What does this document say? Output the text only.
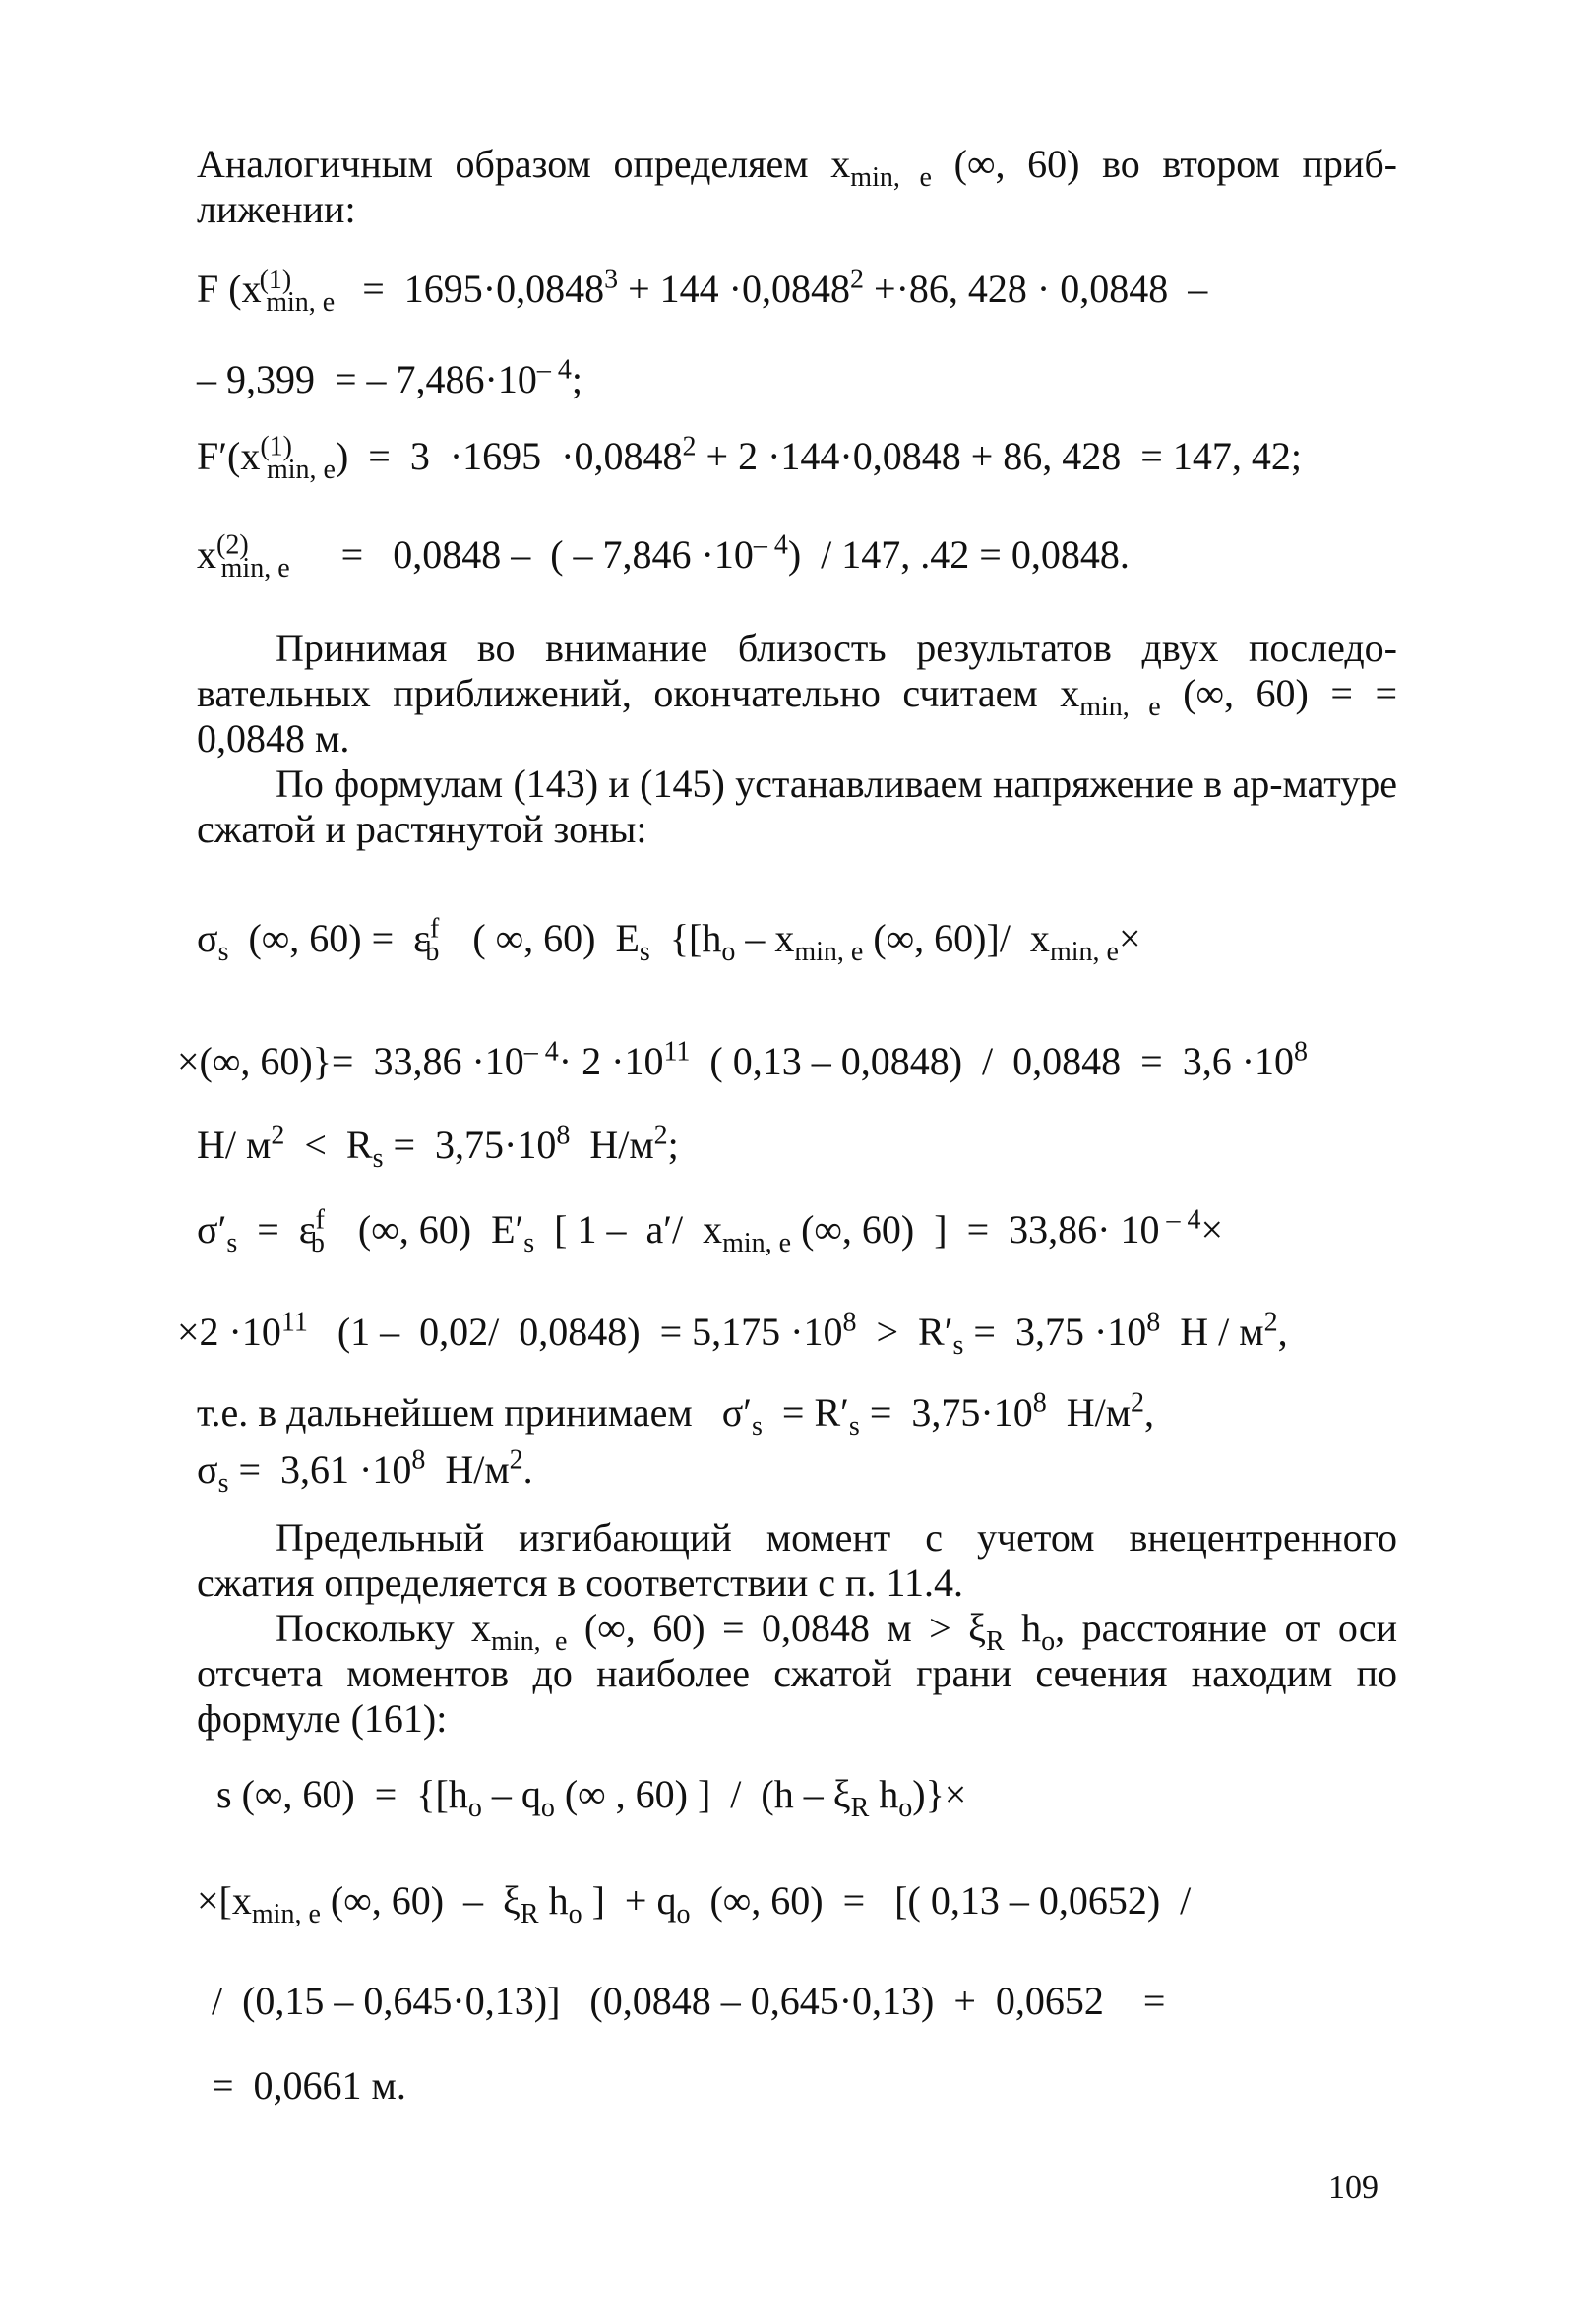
Аналогичным образом определяем $x_{min, e}$ (∞, 60) во втором приб-лижении:

F ($x^{(1)}_{min, e} = 1695\cdot 0,0848^3 + 144 \cdot 0,0848^2 +\cdot 86$, 428 · 0,0848  –
– 9,399  = – $7,486\cdot 10^{- 4}$;
$F'(x^{(1)}_{min, e}) = 3 \cdot 1695 \cdot 0,0848^2 + 2 \cdot 144\cdot 0,0848 + 86$, 428  = 147, 42;
$x^{(2)}_{min, e} = 0,0848$ –  ( – $7,846 \cdot 10^{- 4}) / 147$, .42 = 0,0848.

Принимая во внимание близость результатов двух последо-вательных приближений, окончательно считаем $x_{min, e}$ (∞, 60) = = 0,0848 м.

По формулам (143) и (145) устанавливаем напряжение в ар-матуре сжатой и растянутой зоны:

$\sigma_s$  (∞, $60) = \varepsilon^f_b$  ( ∞, 60)  $E_s$  {[$h_o - x_{min, e}$ (∞, 60)]/  $x_{min, e}\times$
×(∞, $60)\}= 33,86 \cdot 10^{- 4}\cdot 2 \cdot 10^{11}$  ( $0,13 - 0,0848) / 0,0848 = 3,6 \cdot 10^8$
Н/ $м^2 < R_s = 3,75\cdot 10^8$  $Н/м^2$;
$\sigma'_s = \varepsilon^f_b$  (∞, 60)  $E'_s$  [ 1 –  a′/  $x_{min, e}$ (∞, 60)  ]  =  33,86· 10 $^{- 4}$×
$\times 2 \cdot 10^{11}$   (1 –  0,02/  $0,0848) = 5,175 \cdot 10^8 > R'_s = 3,75 \cdot 10^8$  Н / $м^2$,
т.е. в дальнейшем принимаем   $\sigma'_s = R'_s = 3,75\cdot 10^8$  $Н/м^2$,
$\sigma_s = 3,61 \cdot 10^8$  $Н/м^2$.

Предельный изгибающий момент с учетом внецентренного сжатия определяется в соответствии с п. 11.4.

Поскольку $x_{min, e}$ (∞, 60) = 0,0848 $м > \xi_R$ $h_o$, расстояние от оси отсчета моментов до наиболее сжатой грани сечения находим по формуле (161):

s (∞, $60) = \{[h_o - q_o$ (∞ , 60) ]  /  ($h - \xi_R$ $h_o)\}\times$
$\times[x_{min, e}$ (∞, $60) - \xi_R$ $h_o$ ]  + $q_o$  (∞, 60)  =   [( 0,13 – 0,0652)  /
/  (0,15 – 0,645·0,13)]   (0,0848 – 0,645·0,13)  +  0,0652    =
=  0,0661 м.
109
